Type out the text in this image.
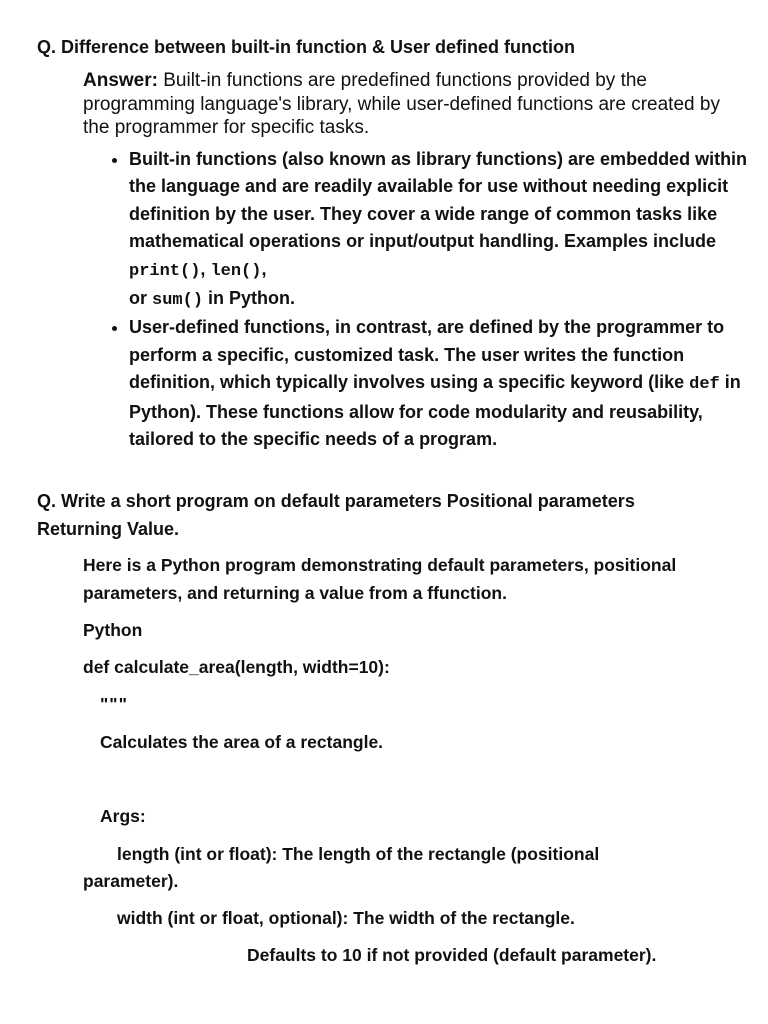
Q. Difference between built-in function & User defined function

Answer: Built-in functions are predefined functions provided by the programming language's library, while user-defined functions are created by the programmer for specific tasks.

• Built-in functions (also known as library functions) are embedded within the language and are readily available for use without needing explicit definition by the user. They cover a wide range of common tasks like mathematical operations or input/output handling. Examples include print(), len(),
or sum() in Python.
• User-defined functions, in contrast, are defined by the programmer to perform a specific, customized task. The user writes the function definition, which typically involves using a specific keyword (like def in Python). These functions allow for code modularity and reusability, tailored to the specific needs of a program.

Q. Write a short program on default parameters Positional parameters Returning Value.

Here is a Python program demonstrating default parameters, positional parameters, and returning a value from a ffunction.

Python

def calculate_area(length, width=10):

"""

Calculates the area of a rectangle.

Args:

length (int or float): The length of the rectangle (positional

parameter).

width (int or float, optional): The width of the rectangle.

Defaults to 10 if not provided (default parameter).
